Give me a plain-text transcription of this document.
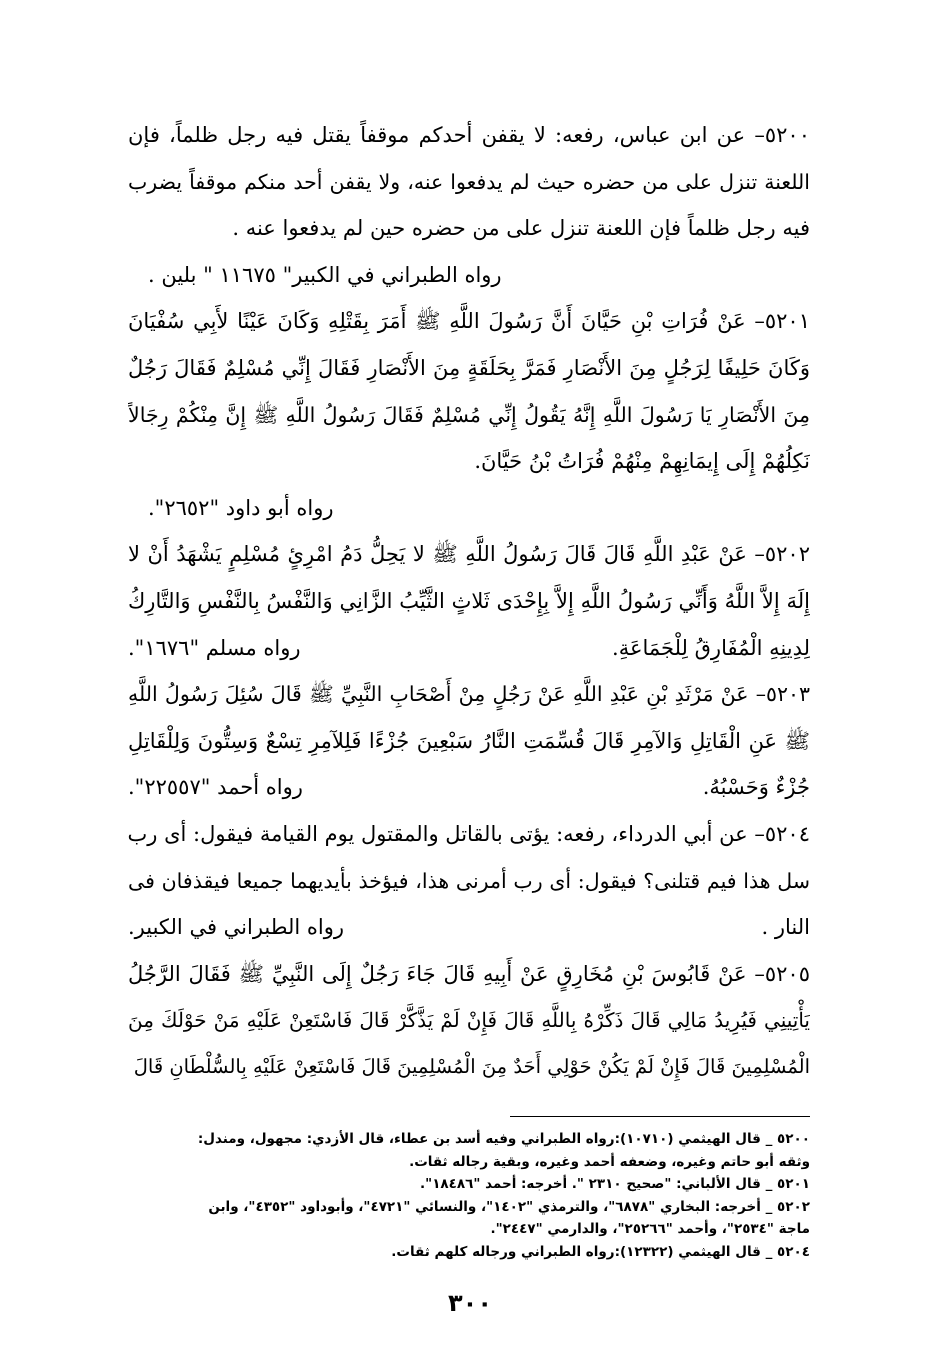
٥٢٠٠– عن ابن عباس، رفعه: لا يقفن أحدكم موقفاً يقتل فيه رجل ظلماً، فإن
اللعنة تنزل على من حضره حيث لم يدفعوا عنه، ولا يقفن أحد منكم موقفاً يضرب
فيه رجل ظلماً فإن اللعنة تنزل على من حضره حين لم يدفعوا عنه .
رواه الطبراني في الكبير" ١١٦٧٥ " بلين .
٥٢٠١– عَنْ فُرَاتِ بْنِ حَيَّانَ أَنَّ رَسُولَ اللَّهِ ﷺ أَمَرَ بِقَتْلِهِ وَكَانَ عَيْنًا لأَبِي سُفْيَانَ
وَكَانَ حَلِيفًا لِرَجُلٍ مِنَ الأَنْصَارِ فَمَرَّ بِحَلَقَةٍ مِنَ الأَنْصَارِ فَقَالَ إِنِّي مُسْلِمٌ فَقَالَ رَجُلٌ
مِنَ الأَنْصَارِ يَا رَسُولَ اللَّهِ إِنَّهُ يَقُولُ إِنِّي مُسْلِمٌ فَقَالَ رَسُولُ اللَّهِ ﷺ إِنَّ مِنْكُمْ رِجَالاً
نَكِلُهُمْ إِلَى إِيمَانِهِمْ مِنْهُمْ فُرَاتُ بْنُ حَيَّانَ.
رواه أبو داود "٢٦٥٢".
٥٢٠٢– عَنْ عَبْدِ اللَّهِ قَالَ قَالَ رَسُولُ اللَّهِ ﷺ لا يَحِلُّ دَمُ امْرِئٍ مُسْلِمٍ يَشْهَدُ أَنْ لا
إِلَهَ إِلاَّ اللَّهُ وَأَنِّي رَسُولُ اللَّهِ إِلاَّ بِإِحْدَى ثَلاثٍ الثَّيِّبُ الزَّانِي وَالنَّفْسُ بِالنَّفْسِ وَالتَّارِكُ
لِدِينِهِ الْمُفَارِقُ لِلْجَمَاعَةِ.
رواه مسلم "١٦٧٦".
٥٢٠٣– عَنْ مَرْثَدِ بْنِ عَبْدِ اللَّهِ عَنْ رَجُلٍ مِنْ أَصْحَابِ النَّبِيِّ ﷺ قَالَ سُئِلَ رَسُولُ اللَّهِ
ﷺ عَنِ الْقَاتِلِ وَالآمِرِ قَالَ قُسِّمَتِ النَّارُ سَبْعِينَ جُزْءًا فَلِلآمِرِ تِسْعٌ وَسِتُّونَ وَلِلْقَاتِلِ
جُزْءٌ وَحَسْبُهُ.
رواه أحمد "٢٢٥٥٧".
٥٢٠٤– عن أبي الدرداء، رفعه: يؤتى بالقاتل والمقتول يوم القيامة فيقول: أى رب
سل هذا فيم قتلنى؟ فيقول: أى رب أمرنى هذا، فيؤخذ بأيديهما جميعا فيقذفان فى
النار .
رواه الطبراني في الكبير.
٥٢٠٥– عَنْ قَابُوسَ بْنِ مُخَارِقٍ عَنْ أَبِيهِ قَالَ جَاءَ رَجُلٌ إِلَى النَّبِيِّ ﷺ فَقَالَ الرَّجُلُ
يَأْتِينِي فَيُرِيدُ مَالِي قَالَ ذَكِّرْهُ بِاللَّهِ قَالَ فَإِنْ لَمْ يَذَّكَّرْ قَالَ فَاسْتَعِنْ عَلَيْهِ مَنْ حَوْلَكَ مِنَ
الْمُسْلِمِينَ قَالَ فَإِنْ لَمْ يَكُنْ حَوْلِي أَحَدٌ مِنَ الْمُسْلِمِينَ قَالَ فَاسْتَعِنْ عَلَيْهِ بِالسُّلْطَانِ قَالَ
٥٢٠٠ _ قال الهيثمي (١٠٧١٠):رواه الطبراني وفيه أسد بن عطاء، قال الأزدي: مجهول، ومندل:
وثقه أبو حاتم وغيره، وضعفه أحمد وغيره، وبقية رجاله ثقات.
٥٢٠١ _ قال الألباني: "صحيح ٢٣١٠ ". أخرجه: أحمد "١٨٤٨٦".
٥٢٠٢ _ أخرجه: البخاري "٦٨٧٨"، والترمذي "١٤٠٢"، والنسائي "٤٧٢١"، وأبوداود "٤٣٥٢"، وابن
ماجة "٢٥٣٤"، وأحمد "٢٥٢٦٦"، والدارمي "٢٤٤٧".
٥٢٠٤ _ قال الهيثمي (١٢٣٢٢):رواه الطبراني ورجاله كلهم ثقات.
٣٠٠
